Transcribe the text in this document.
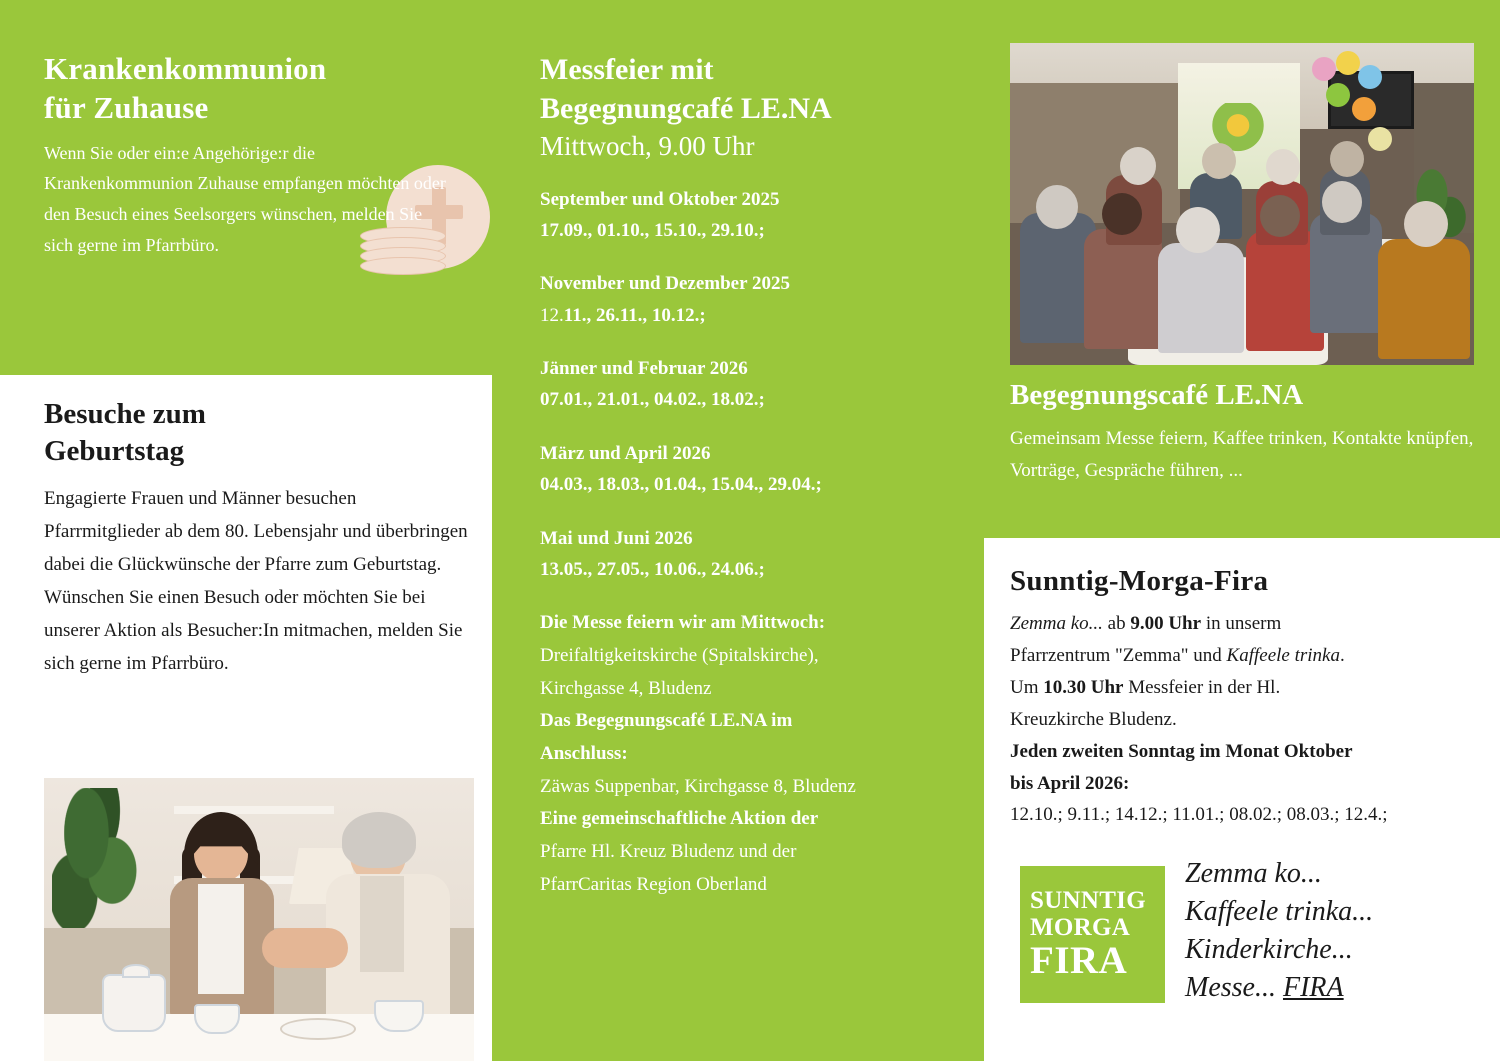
Krankenkommunion
für Zuhause

Wenn Sie oder ein:e Angehörige:r die Krankenkommunion Zuhause empfangen möchten oder den Besuch eines Seelsorgers wünschen, melden Sie sich gerne im Pfarrbüro.

Besuche zum
Geburtstag

Engagierte Frauen und Männer besuchen Pfarrmitglieder ab dem 80. Lebensjahr und überbringen dabei die Glückwünsche der Pfarre zum Geburtstag.

Wünschen Sie einen Besuch oder möchten Sie bei unserer Aktion als Besucher:In mitmachen, melden Sie sich gerne im Pfarrbüro.

Messfeier mit
Begegnungcafé LE.NA
Mittwoch, 9.00 Uhr
September und Oktober 2025
17.09., 01.10., 15.10., 29.10.;
November und Dezember 2025
12.11., 26.11., 10.12.;
Jänner und Februar 2026
07.01., 21.01., 04.02., 18.02.;
März und April 2026
04.03., 18.03., 01.04., 15.04., 29.04.;
Mai und Juni 2026
13.05., 27.05., 10.06., 24.06.;
Die Messe feiern wir am Mittwoch:
Dreifaltigkeitskirche (Spitalskirche),
Kirchgasse 4, Bludenz
Das Begegnungscafé LE.NA im
Anschluss:
Zäwas Suppenbar, Kirchgasse 8, Bludenz
Eine gemeinschaftliche Aktion der
Pfarre Hl. Kreuz Bludenz und der
PfarrCaritas Region Oberland
Begegnungscafé LE.NA

Gemeinsam Messe feiern, Kaffee trinken, Kontakte knüpfen, Vorträge, Gespräche führen, ...

Sunntig-Morga-Fira

Zemma ko... ab 9.00 Uhr in unserm
Pfarrzentrum "Zemma" und Kaffeele trinka.
Um 10.30 Uhr Messfeier in der Hl.
Kreuzkirche Bludenz.
Jeden zweiten Sonntag im Monat Oktober
bis April 2026:
12.10.; 9.11.; 14.12.; 11.01.; 08.02.; 08.03.; 12.4.;

SUNNTIG
MORGA
FIRA
Zemma ko...
Kaffeele trinka...
Kinderkirche...
Messe... FIRA
